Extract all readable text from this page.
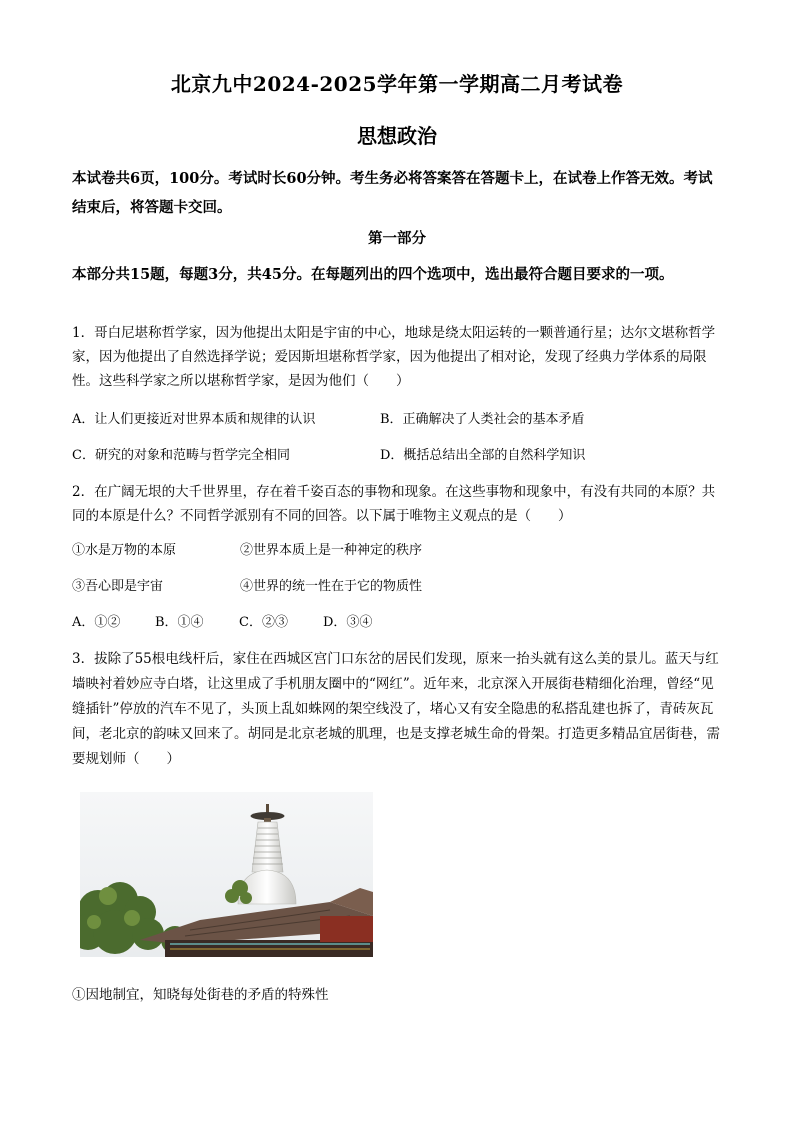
北京九中2024-2025学年第一学期高二月考试卷
思想政治
本试卷共6页，100分。考试时长60分钟。考生务必将答案答在答题卡上，在试卷上作答无效。考试结束后，将答题卡交回。
第一部分
本部分共15题，每题3分，共45分。在每题列出的四个选项中，选出最符合题目要求的一项。
1．哥白尼堪称哲学家，因为他提出太阳是宇宙的中心，地球是绕太阳运转的一颗普通行星；达尔文堪称哲学家，因为他提出了自然选择学说；爱因斯坦堪称哲学家，因为他提出了相对论，发现了经典力学体系的局限性。这些科学家之所以堪称哲学家，是因为他们（　　）
A．让人们更接近对世界本质和规律的认识	B．正确解决了人类社会的基本矛盾
C．研究的对象和范畴与哲学完全相同	D．概括总结出全部的自然科学知识
2．在广阔无垠的大千世界里，存在着千姿百态的事物和现象。在这些事物和现象中，有没有共同的本原？共同的本原是什么？不同哲学派别有不同的回答。以下属于唯物主义观点的是（　　）
①水是万物的本原	②世界本质上是一种神定的秩序
③吾心即是宇宙	④世界的统一性在于它的物质性
A．①②	B．①④	C．②③	D．③④
3．拔除了55根电线杆后，家住在西城区宫门口东岔的居民们发现，原来一抬头就有这么美的景儿。蓝天与红墙映衬着妙应寺白塔，让这里成了手机朋友圈中的“网红”。近年来，北京深入开展街巷精细化治理，曾经“见缝插针”停放的汽车不见了，头顶上乱如蛛网的架空线没了，堵心又有安全隐患的私搭乱建也拆了，青砖灰瓦间，老北京的韵味又回来了。胡同是北京老城的肌理，也是支撑老城生命的骨架。打造更多精品宜居街巷，需要规划师（　　）
①因地制宜，知晓每处街巷的矛盾的特殊性
